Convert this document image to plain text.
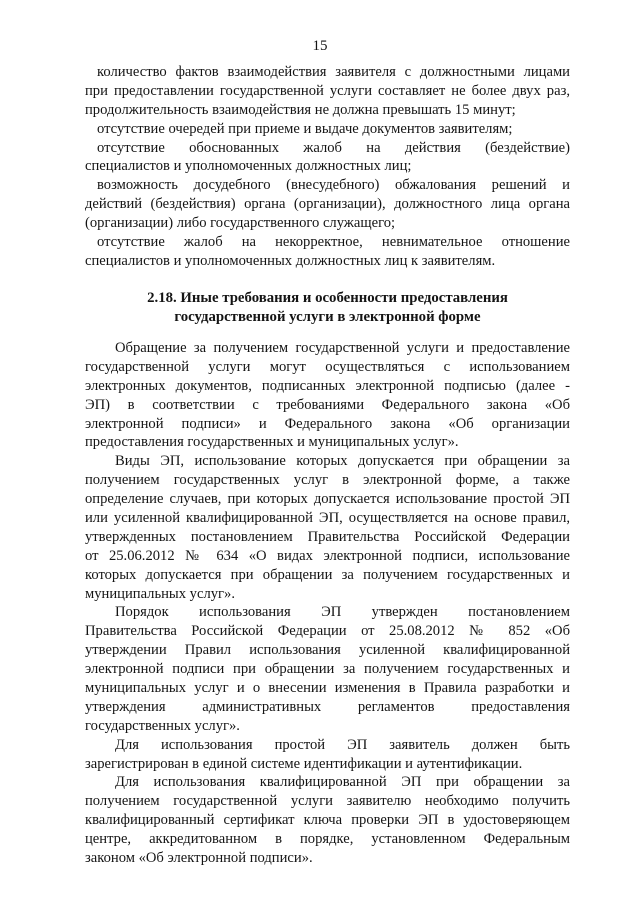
15
количество фактов взаимодействия заявителя с должностными лицами
при предоставлении государственной услуги составляет не более двух раз,
продолжительность взаимодействия не должна превышать 15 минут;
отсутствие очередей при приеме и выдаче документов заявителям;
отсутствие обоснованных жалоб на действия (бездействие)
специалистов и уполномоченных должностных лиц;
возможность досудебного (внесудебного) обжалования решений и
действий (бездействия) органа (организации), должностного лица органа
(организации) либо государственного служащего;
отсутствие жалоб на некорректное, невнимательное отношение
специалистов и уполномоченных должностных лиц к заявителям.
2.18. Иные требования и особенности предоставления
государственной услуги в электронной форме
Обращение за получением государственной услуги и предоставление
государственной услуги могут осуществляться с использованием
электронных документов, подписанных электронной подписью (далее -
ЭП) в соответствии с требованиями Федерального закона «Об
электронной подписи» и Федерального закона «Об организации
предоставления государственных и муниципальных услуг».
Виды ЭП, использование которых допускается при обращении за
получением государственных услуг в электронной форме, а также
определение случаев, при которых допускается использование простой ЭП
или усиленной квалифицированной ЭП, осуществляется на основе правил,
утвержденных постановлением Правительства Российской Федерации
от 25.06.2012 № 634 «О видах электронной подписи, использование
которых допускается при обращении за получением государственных и
муниципальных услуг».
Порядок использования ЭП утвержден постановлением
Правительства Российской Федерации от 25.08.2012 № 852 «Об
утверждении Правил использования усиленной квалифицированной
электронной подписи при обращении за получением государственных и
муниципальных услуг и о внесении изменения в Правила разработки и
утверждения административных регламентов предоставления
государственных услуг».
Для использования простой ЭП заявитель должен быть
зарегистрирован в единой системе идентификации и аутентификации.
Для использования квалифицированной ЭП при обращении за
получением государственной услуги заявителю необходимо получить
квалифицированный сертификат ключа проверки ЭП в удостоверяющем
центре, аккредитованном в порядке, установленном Федеральным
законом «Об электронной подписи».
